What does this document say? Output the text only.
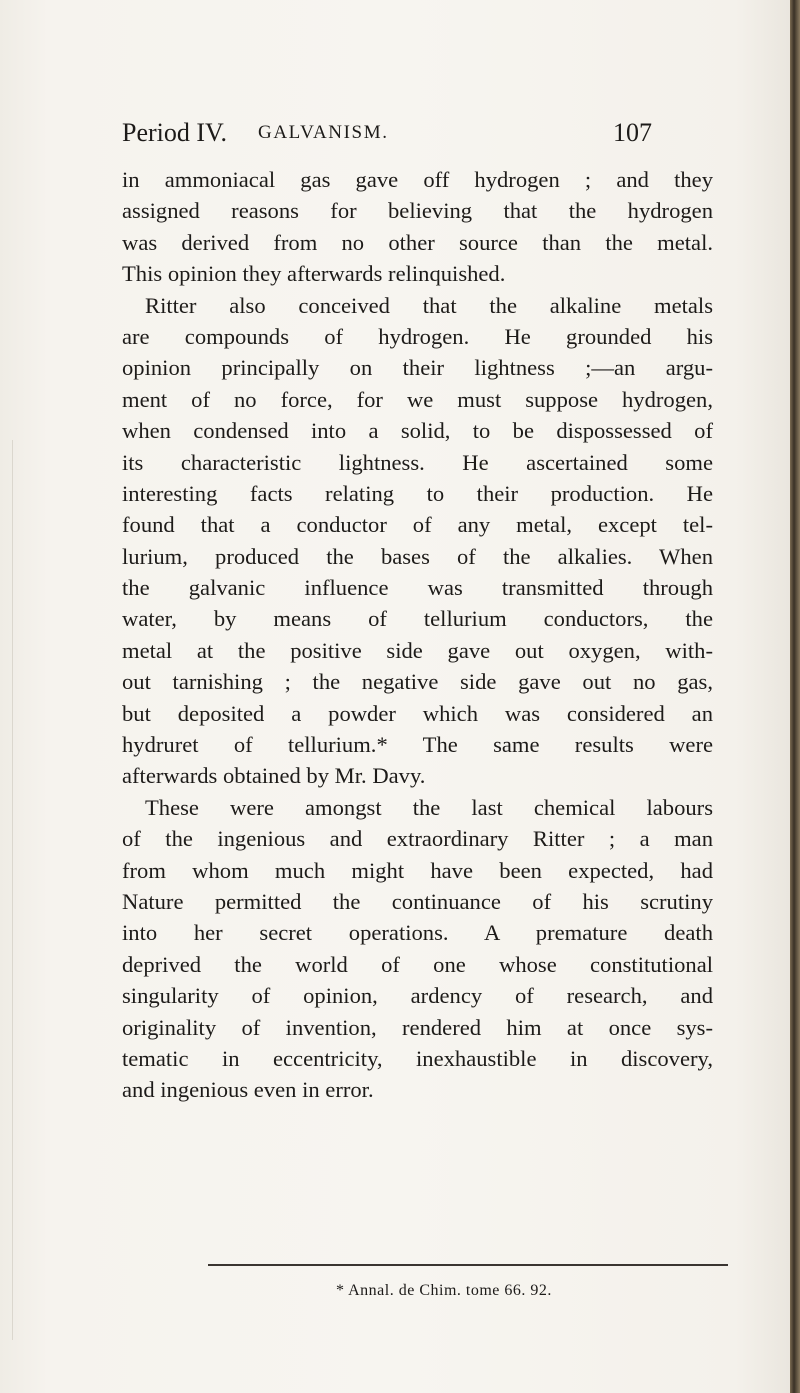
Period IV. GALVANISM.	107
in ammoniacal gas gave off hydrogen ; and they
assigned reasons for believing that the hydrogen
was derived from no other source than the metal.
This opinion they afterwards relinquished.
Ritter also conceived that the alkaline metals
are compounds of hydrogen. He grounded his
opinion principally on their lightness ;—an argu-
ment of no force, for we must suppose hydrogen,
when condensed into a solid, to be dispossessed of
its characteristic lightness. He ascertained some
interesting facts relating to their production. He
found that a conductor of any metal, except tel-
lurium, produced the bases of the alkalies. When
the galvanic influence was transmitted through
water, by means of tellurium conductors, the
metal at the positive side gave out oxygen, with-
out tarnishing ; the negative side gave out no gas,
but deposited a powder which was considered an
hydruret of tellurium.* The same results were
afterwards obtained by Mr. Davy.
These were amongst the last chemical labours
of the ingenious and extraordinary Ritter ; a man
from whom much might have been expected, had
Nature permitted the continuance of his scrutiny
into her secret operations. A premature death
deprived the world of one whose constitutional
singularity of opinion, ardency of research, and
originality of invention, rendered him at once sys-
tematic in eccentricity, inexhaustible in discovery,
and ingenious even in error.
* Annal. de Chim. tome 66. 92.
